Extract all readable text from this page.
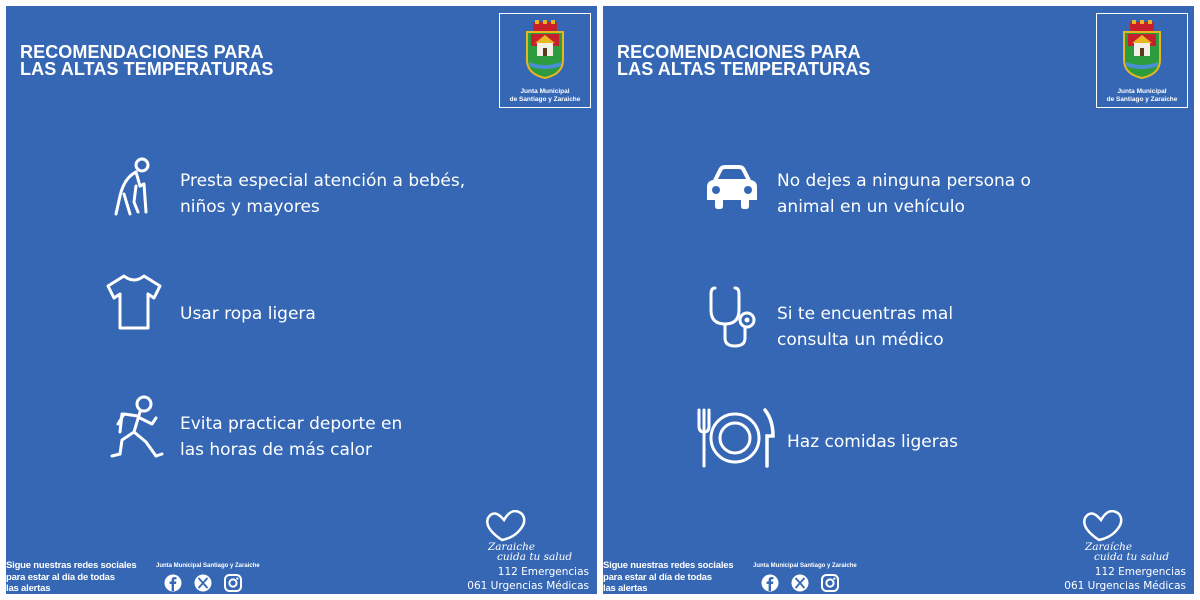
RECOMENDACIONES PARA
LAS ALTAS TEMPERATURAS
Junta Municipal
de Santiago y Zaraiche
Presta especial atención a bebés,
niños y mayores
Usar ropa ligera
Evita practicar deporte en
las horas de más calor
Zaraiche
cuida tu salud
Sigue nuestras redes sociales
para estar al día de todas
las alertas
Junta Municipal Santiago y Zaraiche	112 Emergencias
061 Urgencias Médicas
RECOMENDACIONES PARA
LAS ALTAS TEMPERATURAS
Junta Municipal
de Santiago y Zaraiche
No dejes a ninguna persona o
animal en un vehículo
Si te encuentras mal
consulta un médico
Haz comidas ligeras
Zaraíche
cuida tu salud
Sigue nuestras redes sociales
para estar al día de todas
las alertas
Junta Municipal Santiago y Zaraiche	112 Emergencias
061 Urgencias Médicas
